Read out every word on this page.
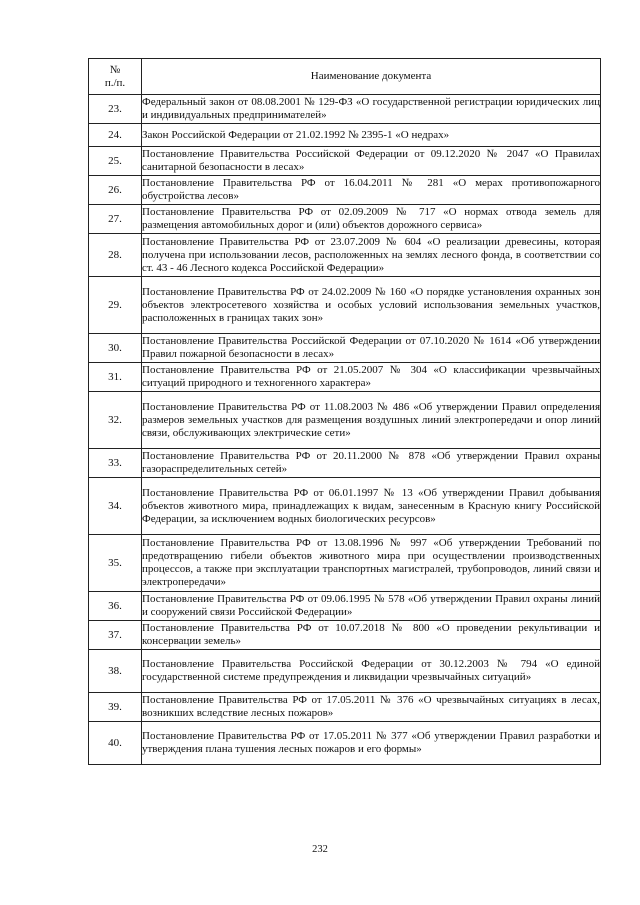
№
п./п.	Наименование документа
23.	Федеральный закон от 08.08.2001 № 129-ФЗ «О государственной регистрации юридических лиц и индивидуальных предпринимателей»
24.	Закон Российской Федерации от 21.02.1992 № 2395-1 «О недрах»
25.	Постановление Правительства Российской Федерации от 09.12.2020 № 2047 «О Правилах санитарной безопасности в лесах»
26.	Постановление Правительства РФ от 16.04.2011 № 281 «О мерах противопожарного обустройства лесов»
27.	Постановление Правительства РФ от 02.09.2009 № 717 «О нормах отвода земель для размещения автомобильных дорог и (или) объектов дорожного сервиса»
28.	Постановление Правительства РФ от 23.07.2009 № 604 «О реализации древесины, которая получена при использовании лесов, расположенных на землях лесного фонда, в соответствии со ст. 43 - 46 Лесного кодекса Российской Федерации»
29.	Постановление Правительства РФ от 24.02.2009 № 160 «О порядке установления охранных зон объектов электросетевого хозяйства и особых условий использования земельных участков, расположенных в границах таких зон»
30.	Постановление Правительства Российской Федерации от 07.10.2020 № 1614 «Об утверждении Правил пожарной безопасности в лесах»
31.	Постановление Правительства РФ от 21.05.2007 № 304 «О классификации чрезвычайных ситуаций природного и техногенного характера»
32.	Постановление Правительства РФ от 11.08.2003 № 486 «Об утверждении Правил определения размеров земельных участков для размещения воздушных линий электропередачи и опор линий связи, обслуживающих электрические сети»
33.	Постановление Правительства РФ от 20.11.2000 № 878 «Об утверждении Правил охраны газораспределительных сетей»
34.	Постановление Правительства РФ от 06.01.1997 № 13 «Об утверждении Правил добывания объектов животного мира, принадлежащих к видам, занесенным в Красную книгу Российской Федерации, за исключением водных биологических ресурсов»
35.	Постановление Правительства РФ от 13.08.1996 № 997 «Об утверждении Требований по предотвращению гибели объектов животного мира при осуществлении производственных процессов, а также при эксплуатации транспортных магистралей, трубопроводов, линий связи и электропередачи»
36.	Постановление Правительства РФ от 09.06.1995 № 578 «Об утверждении Правил охраны линий и сооружений связи Российской Федерации»
37.	Постановление Правительства РФ от 10.07.2018 № 800 «О проведении рекультивации и консервации земель»
38.	Постановление Правительства Российской Федерации от 30.12.2003 № 794 «О единой государственной системе предупреждения и ликвидации чрезвычайных ситуаций»
39.	Постановление Правительства РФ от 17.05.2011 № 376 «О чрезвычайных ситуациях в лесах, возникших вследствие лесных пожаров»
40.	Постановление Правительства РФ от 17.05.2011 № 377 «Об утверждении Правил разработки и утверждения плана тушения лесных пожаров и его формы»
232
